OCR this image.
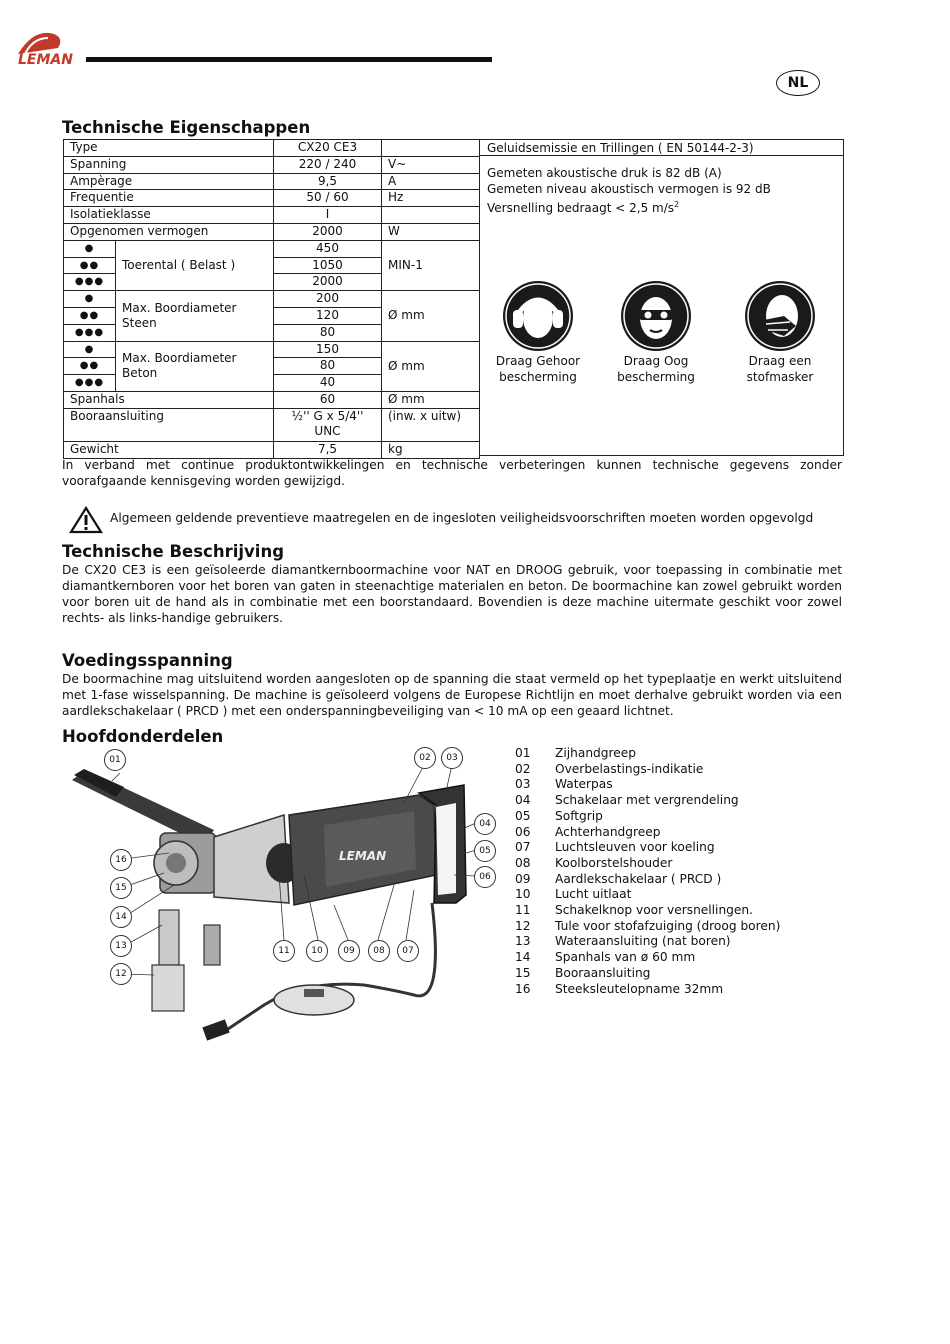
LEMAN
NL
Technische Eigenschappen
Type		CX20 CE3	
Spanning		220 / 240	V~
Ampèrage		9,5	A
Frequentie		50 / 60	Hz
Isolatieklasse		I	
Opgenomen vermogen		2000	W
●	Toerental ( Belast )	450	MIN-1
●●		1050	
●●●		2000	
●	Max. Boordiameter Steen	200	Ø mm
●●		120	
●●●		80	
●	Max. Boordiameter Beton	150	Ø mm
●●		80	
●●●		40	
Spanhals		60	Ø mm
Booraansluiting		½'' G x 5/4'' UNC	(inw. x uitw)
Gewicht		7,5	kg
Geluidsemissie en Trillingen ( EN 50144-2-3)
Gemeten akoustische druk is 82 dB (A)
Gemeten niveau akoustisch vermogen is 92 dB
Versnelling bedraagt < 2,5 $m/s^2$
Draag Gehoor bescherming
Draag Oog bescherming
Draag een stofmasker

In verband met continue produktontwikkelingen en technische verbeteringen kunnen technische gegevens zonder voorafgaande kennisgeving worden gewijzigd.

Algemeen geldende preventieve maatregelen en de ingesloten veiligheidsvoorschriften moeten worden opgevolgd
Technische Beschrijving

De CX20 CE3 is een geïsoleerde diamantkernboormachine voor NAT en DROOG gebruik, voor toepassing in combinatie met diamantkernboren voor het boren van gaten in steenachtige materialen en beton. De boormachine kan zowel gebruikt worden voor boren uit de hand als in combinatie met een boorstandaard. Bovendien is deze machine uitermate geschikt voor zowel rechts- als links-handige gebruikers.

Voedingsspanning

De boormachine mag uitsluitend worden aangesloten op de spanning die staat vermeld op het typeplaatje en werkt uitsluitend met 1-fase wisselspanning. De machine is geïsoleerd volgens de Europese Richtlijn en moet derhalve gebruikt worden via een aardlekschakelaar ( PRCD ) met een onderspanningbeveiliging van < 10 mA op een geaard lichtnet.

Hoofdonderdelen
LEMAN
01	02	03
04
05
06
07
08
09
10
11
12
13
14
15
16
01 Zijhandgreep
02 Overbelastings-indikatie
03 Waterpas
04 Schakelaar met vergrendeling
05 Softgrip
06 Achterhandgreep
07 Luchtsleuven voor koeling
08 Koolborstelshouder
09 Aardlekschakelaar ( PRCD )
10 Lucht uitlaat
11 Schakelknop voor versnellingen.
12 Tule voor stofafzuiging (droog boren)
13 Wateraansluiting (nat boren)
14 Spanhals van ø 60 mm
15 Booraansluiting
16 Steeksleutelopname 32mm
